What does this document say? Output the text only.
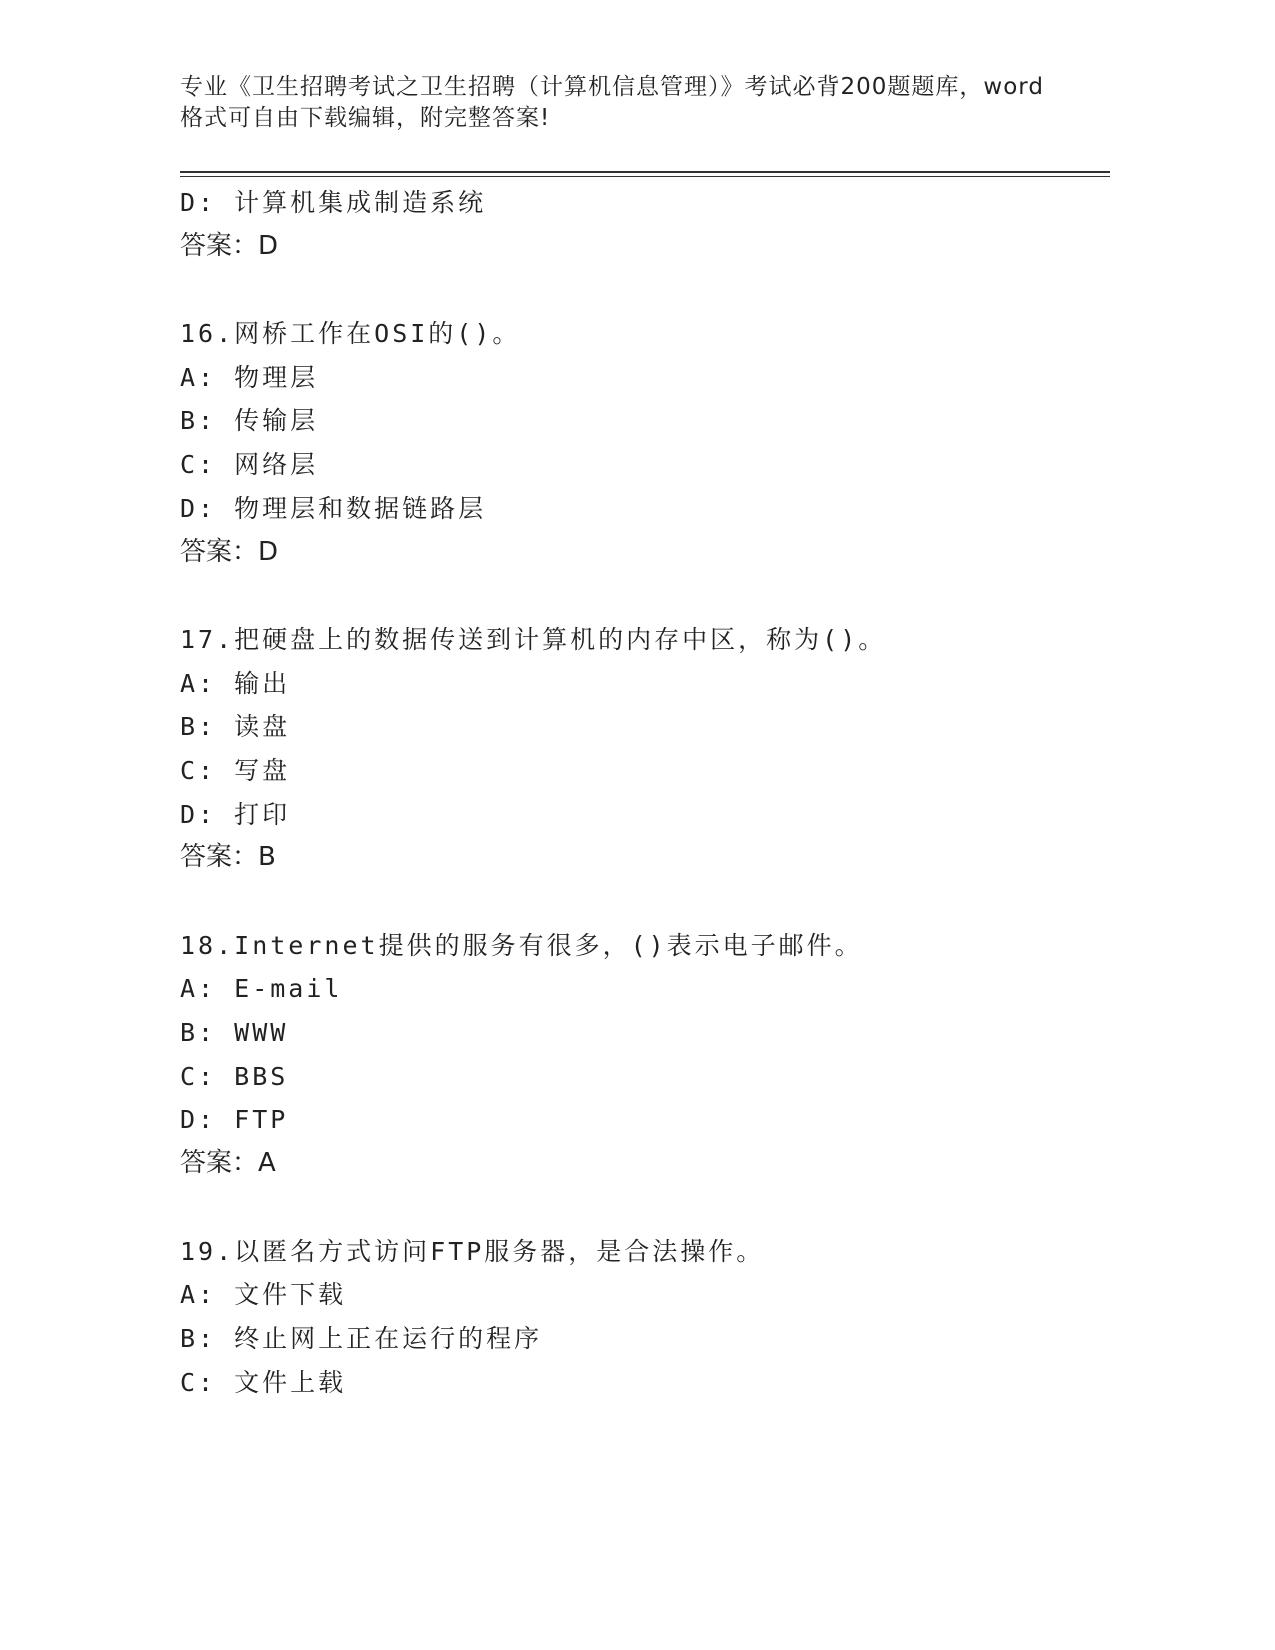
专业《卫生招聘考试之卫生招聘（计算机信息管理）》考试必背200题题库，word格式可自由下载编辑，附完整答案!
D: 计算机集成制造系统
答案：D
16.网桥工作在OSI的()。
A: 物理层
B: 传输层
C: 网络层
D: 物理层和数据链路层
答案：D
17.把硬盘上的数据传送到计算机的内存中区，称为()。
A: 输出
B: 读盘
C: 写盘
D: 打印
答案：B
18.Internet提供的服务有很多，()表示电子邮件。
A: E-mail
B: WWW
C: BBS
D: FTP
答案：A
19.以匿名方式访问FTP服务器，是合法操作。
A: 文件下载
B: 终止网上正在运行的程序
C: 文件上载
